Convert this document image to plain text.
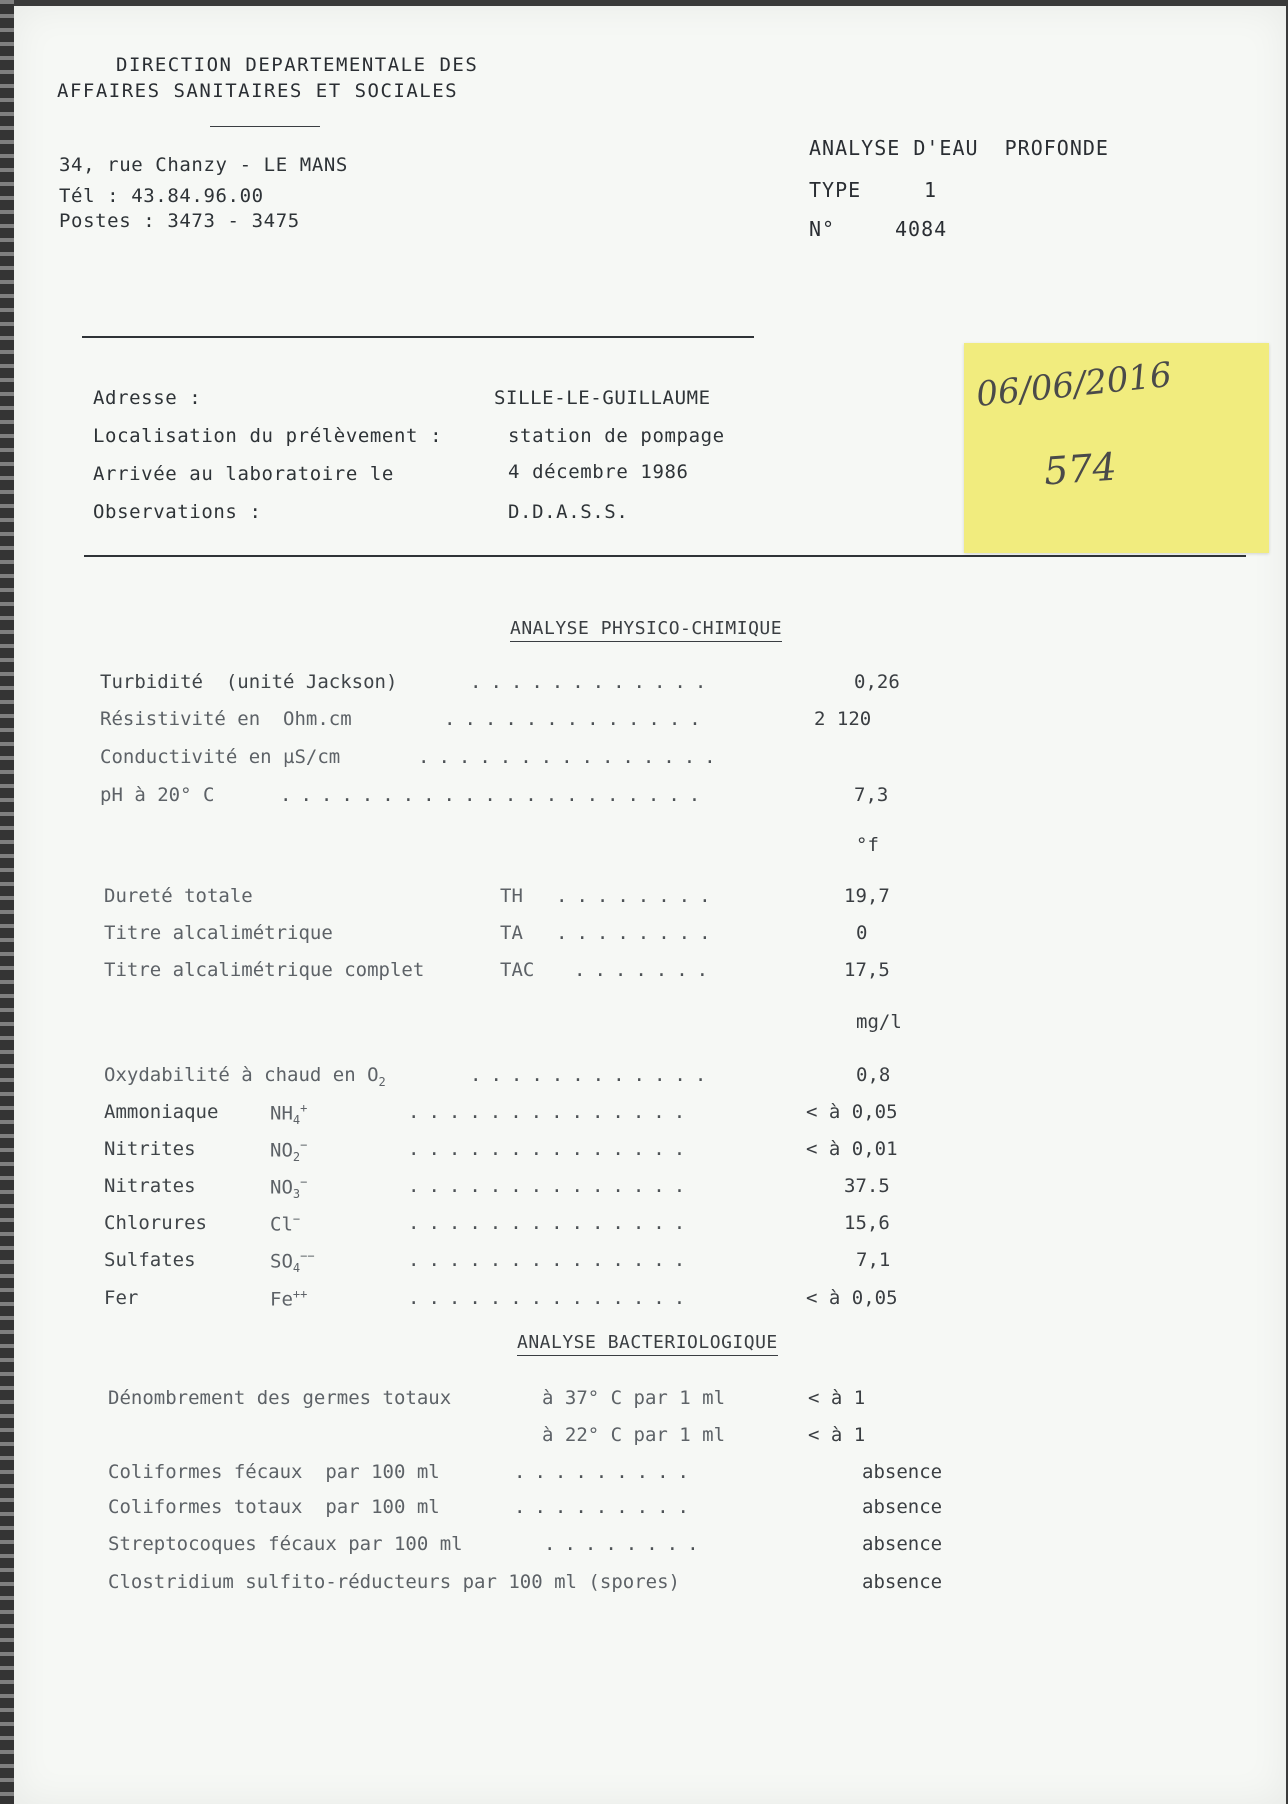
DIRECTION DEPARTEMENTALE DES
AFFAIRES SANITAIRES ET SOCIALES
34, rue Chanzy - LE MANS
Tél : 43.84.96.00
Postes : 3473 - 3475
ANALYSE D'EAU  PROFONDE
TYPE	1
N°	4084
Adresse :	SILLE-LE-GUILLAUME
Localisation du prélèvement :	station de pompage
Arrivée au laboratoire le	4 décembre 1986
Observations :	D.D.A.S.S.
06/06/2016
574
ANALYSE PHYSICO-CHIMIQUE
Turbidité  (unité Jackson)	............	0,26
Résistivité en  Ohm.cm	.............	2 120
Conductivité en µS/cm	...............
pH à 20° C	.....................	7,3
°f
Dureté totale	TH ........	19,7
Titre alcalimétrique	TA ........	0
Titre alcalimétrique complet	TAC .......	17,5
mg/l
Oxydabilité à chaud en $O_2$	............	0,8
Ammoniaque	$NH_4^+$	..............	< à 0,05
Nitrites	$NO_2^-$	..............	< à 0,01
Nitrates	$NO_3^-$	..............	37.5
Chlorures	Cl−	..............	15,6
Sulfates	$SO_4^{--}$	..............	7,1
Fer	Fe++	..............	< à 0,05
ANALYSE BACTERIOLOGIQUE
Dénombrement des germes totaux	à 37° C par 1 ml	< à 1
à 22° C par 1 ml	< à 1
Coliformes fécaux  par 100 ml	.........	absence
Coliformes totaux  par 100 ml	.........	absence
Streptocoques fécaux par 100 ml	........	absence
Clostridium sulfito-réducteurs par 100 ml (spores)	absence
